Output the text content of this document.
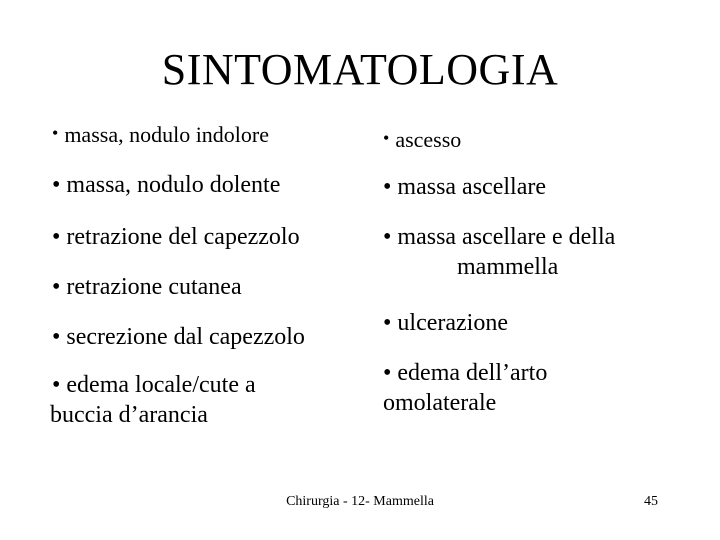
SINTOMATOLOGIA
• massa, nodulo indolore
• massa, nodulo dolente
• retrazione del capezzolo
• retrazione cutanea
• secrezione dal capezzolo
• edema locale/cute a
buccia d’arancia
• ascesso
• massa ascellare
• massa ascellare e della
mammella
• ulcerazione
• edema dell’arto
omolaterale
Chirurgia - 12- Mammella	45
